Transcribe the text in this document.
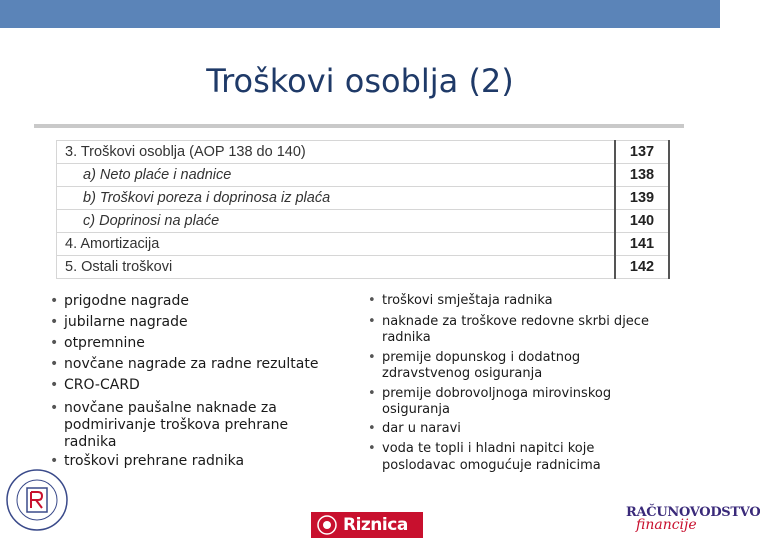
Troškovi osoblja (2)
3. Troškovi osoblja (AOP 138 do 140)	137
a) Neto plaće i nadnice	138
b) Troškovi poreza i doprinosa iz plaća	139
c) Doprinosi na plaće	140
4. Amortizacija	141
5. Ostali troškovi	142
• prigodne nagrade
• jubilarne nagrade
• otpremnine
• novčane nagrade za radne rezultate
• CRO-CARD
• novčane paušalne naknade za podmirivanje troškova prehrane radnika
• troškovi prehrane radnika
• troškovi smještaja radnika
• naknade za troškove redovne skrbi djece radnika
• premije dopunskog i dodatnog zdravstvenog osiguranja
• premije dobrovoljnoga mirovinskog osiguranja
• dar u naravi
• voda te topli i hladni napitci koje poslodavac omogućuje radnicima
Riznica
RAČUNOVODSTVO
financije
